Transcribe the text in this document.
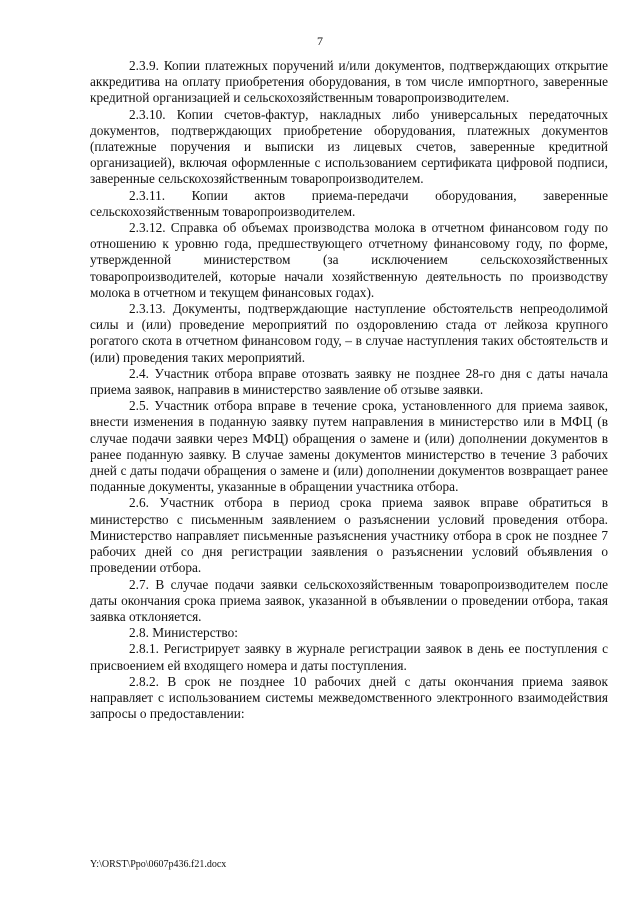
7

2.3.9. Копии платежных поручений и/или документов, подтверждающих открытие аккредитива на оплату приобретения оборудования, в том числе импортного, заверенные кредитной организацией и сельскохозяйственным товаропроизводителем.

2.3.10. Копии счетов-фактур, накладных либо универсальных передаточных документов, подтверждающих приобретение оборудования, платежных документов (платежные поручения и выписки из лицевых счетов, заверенные кредитной организацией), включая оформленные с использованием сертификата цифровой подписи, заверенные сельскохозяйственным товаропроизводителем.

2.3.11. Копии актов приема-передачи оборудования, заверенные сельскохозяйственным товаропроизводителем.

2.3.12. Справка об объемах производства молока в отчетном финансовом году по отношению к уровню года, предшествующего отчетному финансовому году, по форме, утвержденной министерством (за исключением сельскохозяйственных товаропроизводителей, которые начали хозяйственную деятельность по производству молока в отчетном и текущем финансовых годах).

2.3.13. Документы, подтверждающие наступление обстоятельств непреодолимой силы и (или) проведение мероприятий по оздоровлению стада от лейкоза крупного рогатого скота в отчетном финансовом году, – в случае наступления таких обстоятельств и (или) проведения таких мероприятий.

2.4. Участник отбора вправе отозвать заявку не позднее 28-го дня с даты начала приема заявок, направив в министерство заявление об отзыве заявки.

2.5. Участник отбора вправе в течение срока, установленного для приема заявок, внести изменения в поданную заявку путем направления в министерство или в МФЦ (в случае подачи заявки через МФЦ) обращения о замене и (или) дополнении документов в ранее поданную заявку. В случае замены документов министерство в течение 3 рабочих дней с даты подачи обращения о замене и (или) дополнении документов возвращает ранее поданные документы, указанные в обращении участника отбора.

2.6. Участник отбора в период срока приема заявок вправе обратиться в министерство с письменным заявлением о разъяснении условий проведения отбора. Министерство направляет письменные разъяснения участнику отбора в срок не позднее 7 рабочих дней со дня регистрации заявления о разъяснении условий объявления о проведении отбора.

2.7. В случае подачи заявки сельскохозяйственным товаропроизводителем после даты окончания срока приема заявок, указанной в объявлении о проведении отбора, такая заявка отклоняется.

2.8. Министерство:

2.8.1. Регистрирует заявку в журнале регистрации заявок в день ее поступления с присвоением ей входящего номера и даты поступления.

2.8.2. В срок не позднее 10 рабочих дней с даты окончания приема заявок направляет с использованием системы межведомственного электронного взаимодействия запросы о предоставлении:

Y:\ORST\Ppo\0607p436.f21.docx
